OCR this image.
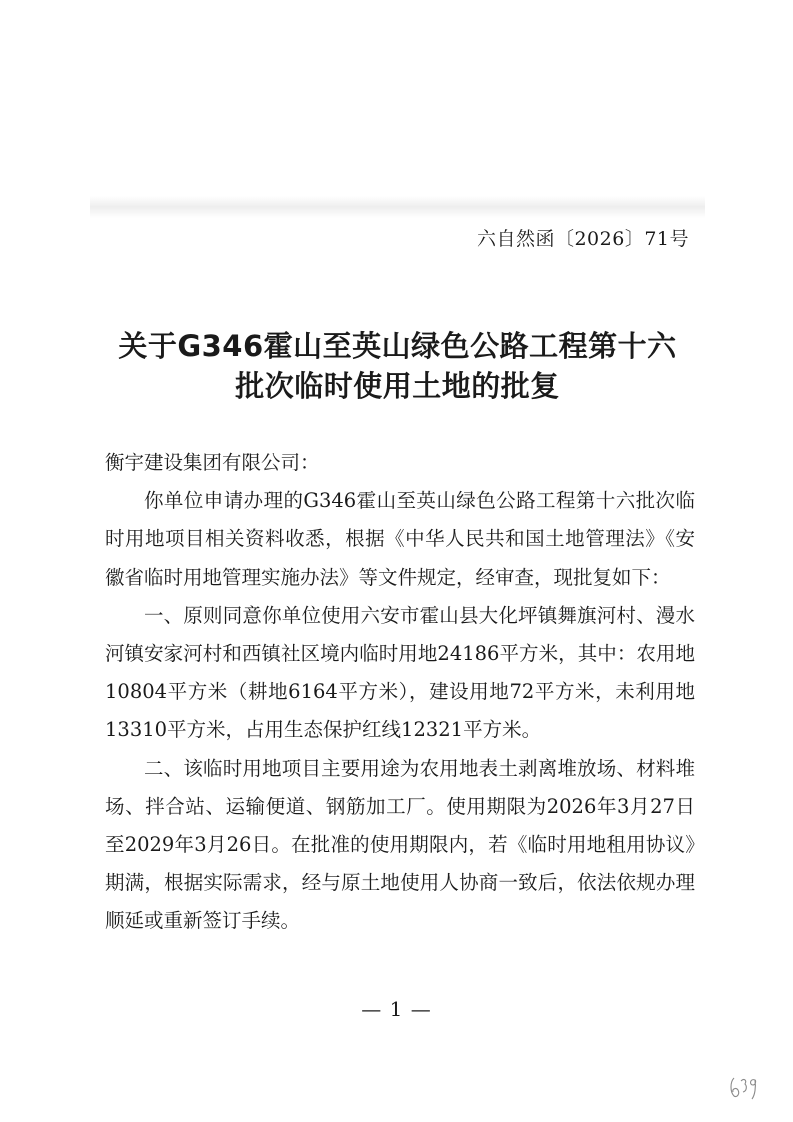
六自然函〔2026〕71号
关于G346霍山至英山绿色公路工程第十六
批次临时使用土地的批复

衡宇建设集团有限公司：

你单位申请办理的G346霍山至英山绿色公路工程第十六批次临时用地项目相关资料收悉，根据《中华人民共和国土地管理法》《安徽省临时用地管理实施办法》等文件规定，经审查，现批复如下：

一、原则同意你单位使用六安市霍山县大化坪镇舞旗河村、漫水河镇安家河村和西镇社区境内临时用地24186平方米，其中：农用地10804平方米（耕地6164平方米），建设用地72平方米，未利用地13310平方米，占用生态保护红线12321平方米。

二、该临时用地项目主要用途为农用地表土剥离堆放场、材料堆场、拌合站、运输便道、钢筋加工厂。使用期限为2026年3月27日至2029年3月26日。在批准的使用期限内，若《临时用地租用协议》期满，根据实际需求，经与原土地使用人协商一致后，依法依规办理顺延或重新签订手续。

— 1 —
